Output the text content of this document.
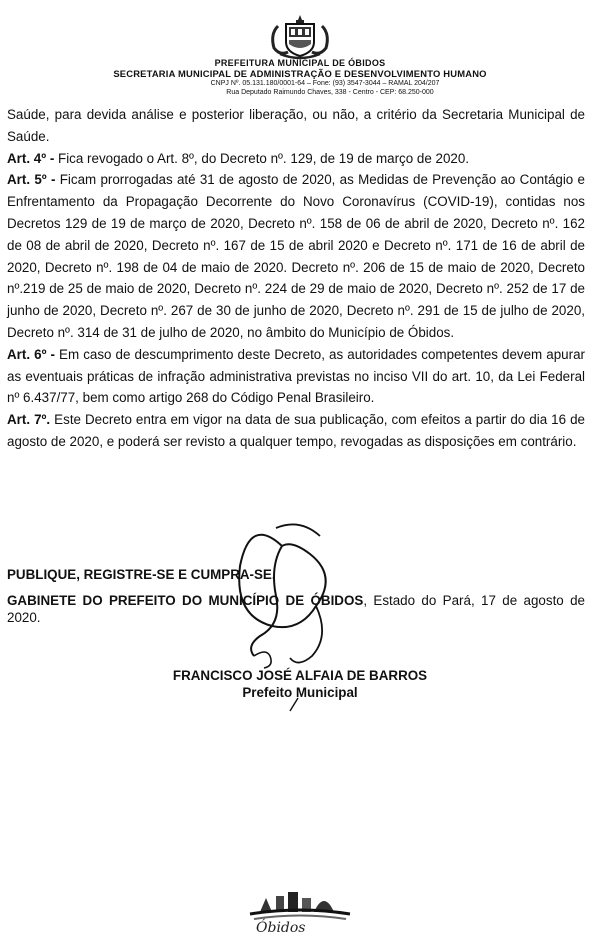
PREFEITURA MUNICIPAL DE ÓBIDOS
SECRETARIA MUNICIPAL DE ADMINISTRAÇÃO E DESENVOLVIMENTO HUMANO
CNPJ Nº. 05.131.180/0001-64 – Fone: (93) 3547-3044 – RAMAL 204/207
Rua Deputado Raimundo Chaves, 338 - Centro - CEP: 68.250-000

Saúde, para devida análise e posterior liberação, ou não, a critério da Secretaria Municipal de Saúde.

Art. 4º - Fica revogado o Art. 8º, do Decreto nº. 129, de 19 de março de 2020.

Art. 5º - Ficam prorrogadas até 31 de agosto de 2020, as Medidas de Prevenção ao Contágio e Enfrentamento da Propagação Decorrente do Novo Coronavírus (COVID-19), contidas nos Decretos 129 de 19 de março de 2020, Decreto nº. 158 de 06 de abril de 2020, Decreto nº. 162 de 08 de abril de 2020, Decreto nº. 167 de 15 de abril 2020 e Decreto nº. 171 de 16 de abril de 2020, Decreto nº. 198 de 04 de maio de 2020. Decreto nº. 206 de 15 de maio de 2020, Decreto nº.219 de 25 de maio de 2020, Decreto nº. 224 de 29 de maio de 2020, Decreto nº. 252 de 17 de junho de 2020, Decreto nº. 267 de 30 de junho de 2020, Decreto nº. 291 de 15 de julho de 2020, Decreto nº. 314 de 31 de julho de 2020, no âmbito do Município de Óbidos.

Art. 6º - Em caso de descumprimento deste Decreto, as autoridades competentes devem apurar as eventuais práticas de infração administrativa previstas no inciso VII do art. 10, da Lei Federal nº 6.437/77, bem como artigo 268 do Código Penal Brasileiro.

Art. 7º. Este Decreto entra em vigor na data de sua publicação, com efeitos a partir do dia 16 de agosto de 2020, e poderá ser revisto a qualquer tempo, revogadas as disposições em contrário.

PUBLIQUE, REGISTRE-SE E CUMPRA-SE.
GABINETE DO PREFEITO DO MUNICÍPIO DE ÓBIDOS, Estado do Pará, 17 de agosto de 2020.
FRANCISCO JOSÉ ALFAIA DE BARROS
Prefeito Municipal
Óbidos
